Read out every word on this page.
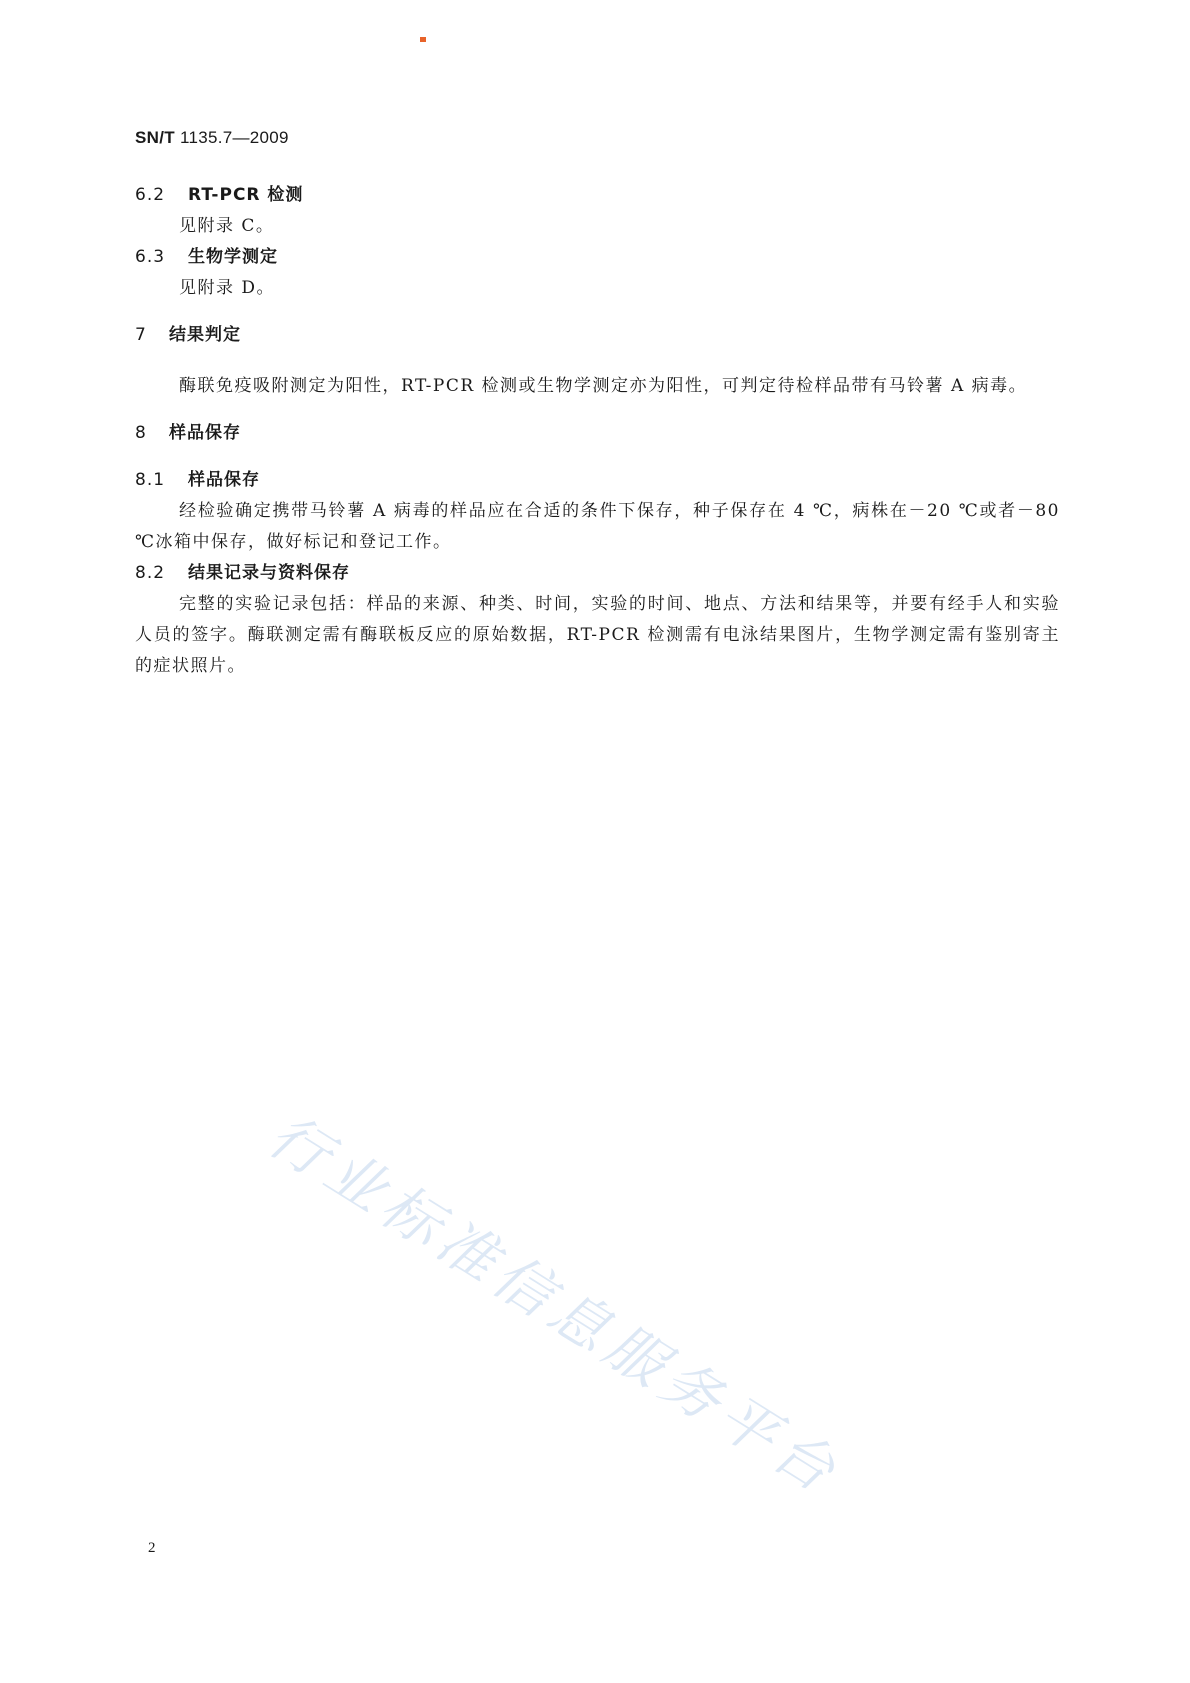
SN/T 1135.7—2009
6.2 RT-PCR 检测
见附录 C。
6.3 生物学测定
见附录 D。
7 结果判定
酶联免疫吸附测定为阳性，RT-PCR 检测或生物学测定亦为阳性，可判定待检样品带有马铃薯 A 病毒。
8 样品保存
8.1 样品保存
经检验确定携带马铃薯 A 病毒的样品应在合适的条件下保存，种子保存在 4 ℃，病株在－20 ℃或者－80 ℃冰箱中保存，做好标记和登记工作。
8.2 结果记录与资料保存
完整的实验记录包括：样品的来源、种类、时间，实验的时间、地点、方法和结果等，并要有经手人和实验人员的签字。酶联测定需有酶联板反应的原始数据，RT-PCR 检测需有电泳结果图片，生物学测定需有鉴别寄主的症状照片。
行业标准信息服务平台
2
